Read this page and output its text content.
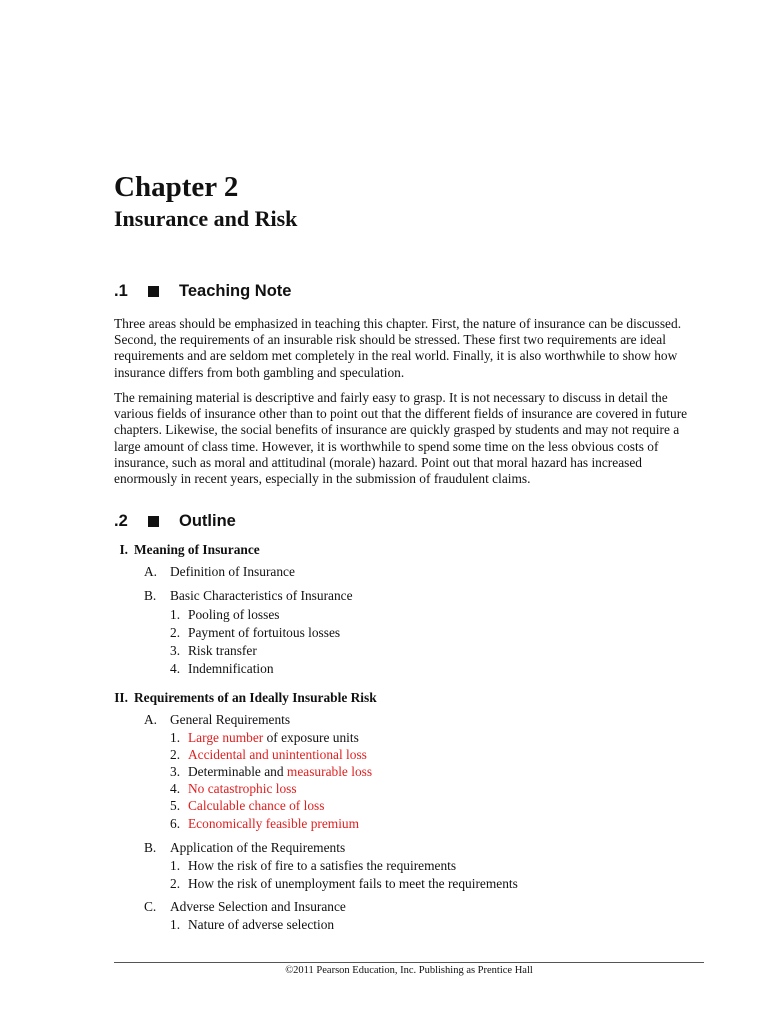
Chapter 2
Insurance and Risk
.1	Teaching Note

Three areas should be emphasized in teaching this chapter. First, the nature of insurance can be discussed. Second, the requirements of an insurable risk should be stressed. These first two requirements are ideal requirements and are seldom met completely in the real world. Finally, it is also worthwhile to show how insurance differs from both gambling and speculation.

The remaining material is descriptive and fairly easy to grasp. It is not necessary to discuss in detail the various fields of insurance other than to point out that the different fields of insurance are covered in future chapters. Likewise, the social benefits of insurance are quickly grasped by students and may not require a large amount of class time. However, it is worthwhile to spend some time on the less obvious costs of insurance, such as moral and attitudinal (morale) hazard. Point out that moral hazard has increased enormously in recent years, especially in the submission of fraudulent claims.

.2	Outline
I. Meaning of Insurance
A. Definition of Insurance
B. Basic Characteristics of Insurance
1. Pooling of losses
2. Payment of fortuitous losses
3. Risk transfer
4. Indemnification
II. Requirements of an Ideally Insurable Risk
A. General Requirements
1. Large number of exposure units
2. Accidental and unintentional loss
3. Determinable and measurable loss
4. No catastrophic loss
5. Calculable chance of loss
6. Economically feasible premium
B. Application of the Requirements
1. How the risk of fire to a satisfies the requirements
2. How the risk of unemployment fails to meet the requirements
C. Adverse Selection and Insurance
1. Nature of adverse selection
©2011 Pearson Education, Inc. Publishing as Prentice Hall
